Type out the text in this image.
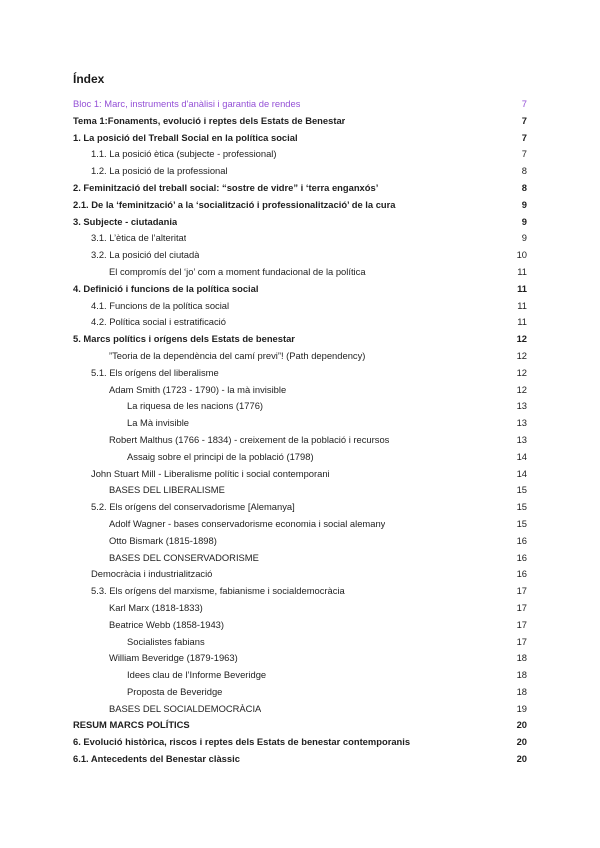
Índex
Bloc 1: Marc, instruments d'anàlisi i garantia de rendes	7
Tema 1:Fonaments, evolució i reptes dels Estats de Benestar	7
1. La posició del Treball Social en la política social	7
1.1. La posició ètica (subjecte - professional)	7
1.2. La posició de la professional	8
2. Feminització del treball social: “sostre de vidre” i ‘terra enganxós’	8
2.1. De la ‘feminització’ a la ‘socialització i professionalització’ de la cura	9
3. Subjecte - ciutadania	9
3.1. L’ètica de l’alteritat	9
3.2. La posició del ciutadà	10
El compromís del ‘jo’ com a moment fundacional de la política	11
4. Definició i funcions de la política social	11
4.1. Funcions de la política social	11
4.2. Política social i estratificació	11
5. Marcs polítics i orígens dels Estats de benestar	12
”Teoria de la dependència del camí previ”! (Path dependency)	12
5.1. Els orígens del liberalisme	12
Adam Smith (1723 - 1790) - la mà invisible	12
La riquesa de les nacions (1776)	13
La Mà invisible	13
Robert Malthus (1766 - 1834) - creixement de la població i recursos	13
Assaig sobre el principi de la població (1798)	14
John Stuart Mill - Liberalisme polític i social contemporani	14
BASES DEL LIBERALISME	15
5.2. Els orígens del conservadorisme [Alemanya]	15
Adolf Wagner - bases conservadorisme economia i social alemany	15
Otto Bismark (1815-1898)	16
BASES DEL CONSERVADORISME	16
Democràcia i industrialització	16
5.3. Els orígens del marxisme, fabianisme i socialdemocràcia	17
Karl Marx (1818-1833)	17
Beatrice Webb (1858-1943)	17
Socialistes fabians	17
William Beveridge (1879-1963)	18
Idees clau de l’Informe Beveridge	18
Proposta de Beveridge	18
BASES DEL SOCIALDEMOCRÀCIA	19
RESUM MARCS POLÍTICS	20
6. Evolució històrica, riscos i reptes dels Estats de benestar contemporanis	20
6.1. Antecedents del Benestar clàssic	20
